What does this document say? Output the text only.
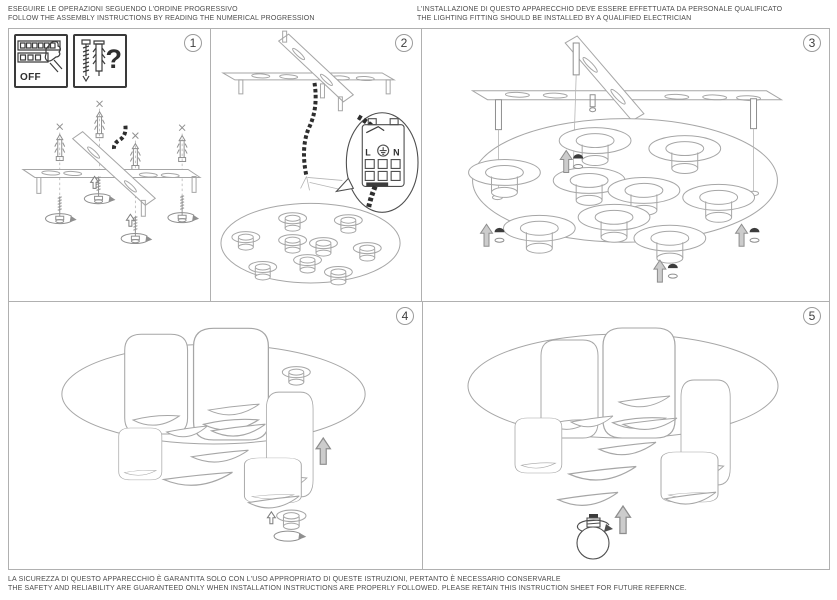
ESEGUIRE LE OPERAZIONI SEGUENDO L'ORDINE PROGRESSIVO
FOLLOW THE ASSEMBLY INSTRUCTIONS BY READING THE NUMERICAL PROGRESSION
L'INSTALLAZIONE DI QUESTO APPARECCHIO DEVE ESSERE EFFETTUATA DA PERSONALE QUALIFICATO
THE LIGHTING FITTING SHOULD BE INSTALLED BY A QUALIFIED ELECTRICIAN
1
OFF
?
2
L N
3
4	5
LA SICUREZZA DI QUESTO APPARECCHIO È GARANTITA SOLO CON L'USO APPROPRIATO DI QUESTE ISTRUZIONI, PERTANTO È NECESSARIO CONSERVARLE
THE SAFETY AND RELIABILITY ARE GUARANTEED ONLY WHEN INSTALLATION INSTRUCTIONS ARE PROPERLY FOLLOWED. PLEASE RETAIN THIS INSTRUCTION SHEET FOR FUTURE REFERNCE.
